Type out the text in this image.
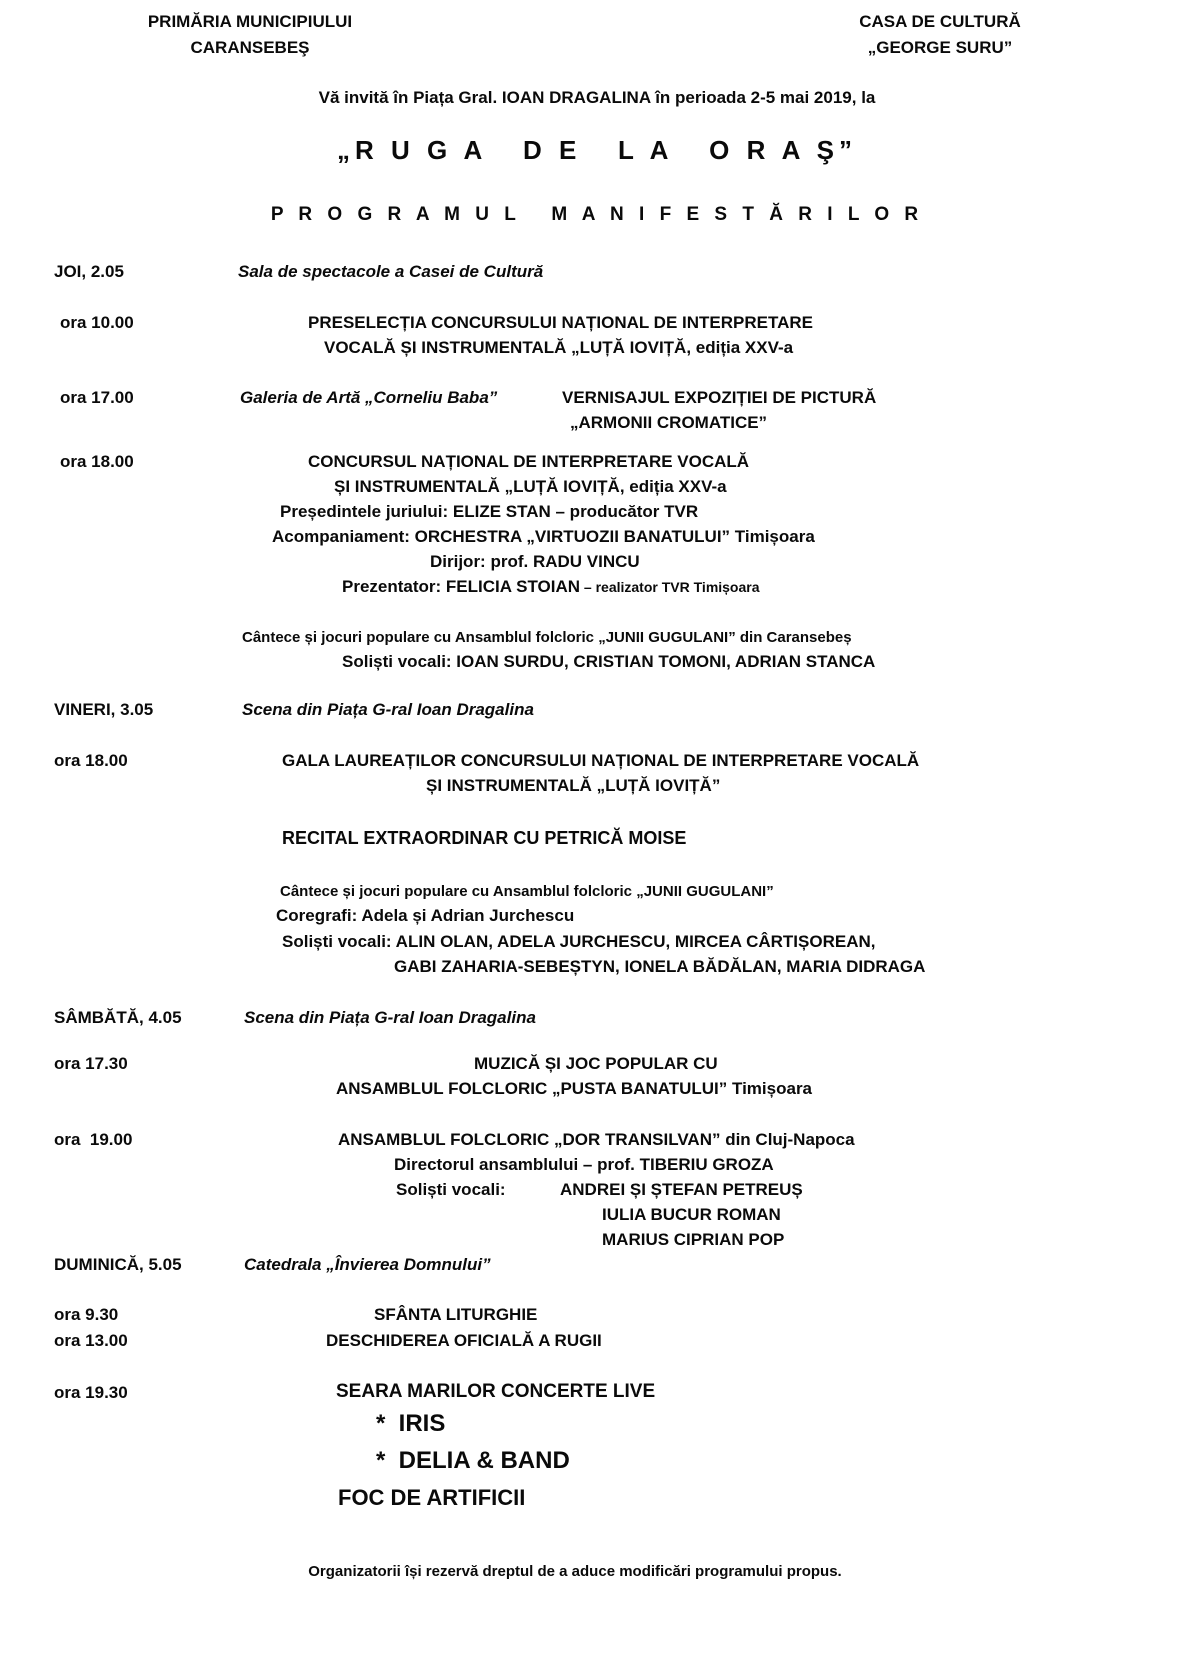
PRIMĂRIA MUNICIPIULUI
CARANSEBEŞ
CASA DE CULTURĂ
„GEORGE SURU”
Vă invită în Piața Gral. IOAN DRAGALINA în perioada 2-5 mai 2019, la
„R U G A   D E   L A   O R A Ş”
P R O G R A M U L   M A N I F E S T Ă R I L O R
JOI, 2.05	Sala de spectacole a Casei de Cultură
ora 10.00	PRESELECȚIA CONCURSULUI NAȚIONAL DE INTERPRETARE
VOCALĂ ȘI INSTRUMENTALĂ „LUȚĂ IOVIȚĂ, ediția XXV-a
ora 17.00	Galeria de Artă „Corneliu Baba”	VERNISAJUL EXPOZIȚIEI DE PICTURĂ
„ARMONII CROMATICE”
ora 18.00	CONCURSUL NAȚIONAL DE INTERPRETARE VOCALĂ
ȘI INSTRUMENTALĂ „LUȚĂ IOVIȚĂ, ediția XXV-a
Președintele juriului: ELIZE STAN – producător TVR
Acompaniament: ORCHESTRA „VIRTUOZII BANATULUI” Timișoara
Dirijor: prof. RADU VINCU
Prezentator: FELICIA STOIAN – realizator TVR Timișoara
Cântece și jocuri populare cu Ansamblul folcloric „JUNII GUGULANI” din Caransebeș
Soliști vocali: IOAN SURDU, CRISTIAN TOMONI, ADRIAN STANCA
VINERI, 3.05	Scena din Piața G-ral Ioan Dragalina
ora 18.00	GALA LAUREAȚILOR CONCURSULUI NAȚIONAL DE INTERPRETARE VOCALĂ
ȘI INSTRUMENTALĂ „LUȚĂ IOVIȚĂ”
RECITAL EXTRAORDINAR CU PETRICĂ MOISE
Cântece și jocuri populare cu Ansamblul folcloric „JUNII GUGULANI”
Coregrafi: Adela și Adrian Jurchescu
Soliști vocali: ALIN OLAN, ADELA JURCHESCU, MIRCEA CÂRTIȘOREAN,
GABI ZAHARIA-SEBEȘTYN, IONELA BĂDĂLAN, MARIA DIDRAGA
SÂMBĂTĂ, 4.05	Scena din Piața G-ral Ioan Dragalina
ora 17.30	MUZICĂ ȘI JOC POPULAR CU
ANSAMBLUL FOLCLORIC „PUSTA BANATULUI” Timișoara
ora  19.00	ANSAMBLUL FOLCLORIC „DOR TRANSILVAN” din Cluj-Napoca
Directorul ansamblului – prof. TIBERIU GROZA
Soliști vocali:	ANDREI ȘI ȘTEFAN PETREUȘ
IULIA BUCUR ROMAN
MARIUS CIPRIAN POP
DUMINICĂ, 5.05	Catedrala „Învierea Domnului”
ora 9.30	SFÂNTA LITURGHIE
ora 13.00	DESCHIDEREA OFICIALĂ A RUGII
ora 19.30	SEARA MARILOR CONCERTE LIVE
*  IRIS
*  DELIA & BAND
FOC DE ARTIFICII
Organizatorii își rezervă dreptul de a aduce modificări programului propus.
